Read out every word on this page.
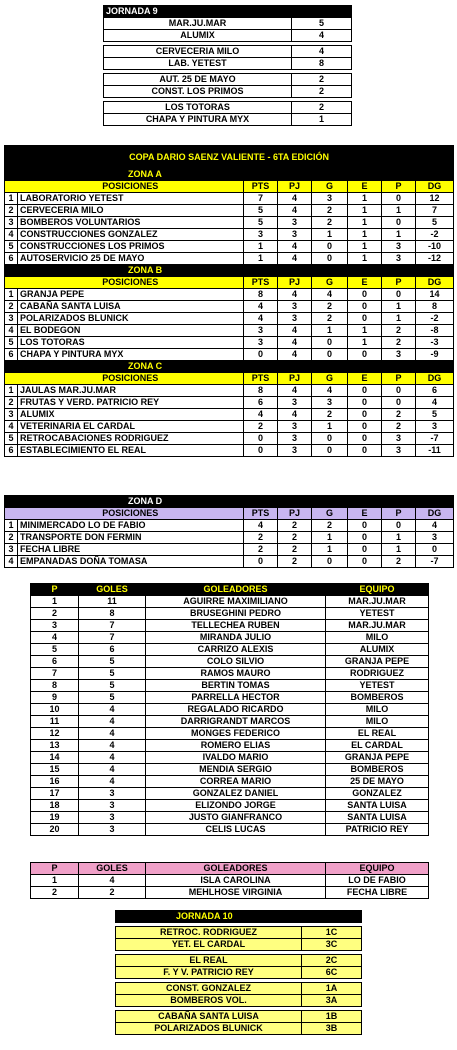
JORNADA 9	
MAR.JU.MAR	5
ALUMIX	4

CERVECERIA MILO	4
LAB. YETEST	8

AUT. 25 DE MAYO	2
CONST. LOS PRIMOS	2

LOS TOTORAS	2
CHAPA Y PINTURA MYX	1
COPA DARIO SAENZ VALIENTE - 6TA EDICIÓN							
	ZONA A						
	POSICIONES	PTS	PJ	G	E	P	DG
1	LABORATORIO YETEST	7	4	3	1	0	12
2	CERVECERIA MILO	5	4	2	1	1	7
3	BOMBEROS VOLUNTARIOS	5	3	2	1	0	5
4	CONSTRUCCIONES GONZALEZ	3	3	1	1	1	-2
5	CONSTRUCCIONES LOS PRIMOS	1	4	0	1	3	-10
6	AUTOSERVICIO 25 DE MAYO	1	4	0	1	3	-12
	ZONA B						
	POSICIONES	PTS	PJ	G	E	P	DG
1	GRANJA PEPE	8	4	4	0	0	14
2	CABAÑA SANTA LUISA	4	3	2	0	1	8
3	POLARIZADOS BLUNICK	4	3	2	0	1	-2
4	EL BODEGON	3	4	1	1	2	-8
5	LOS TOTORAS	3	4	0	1	2	-3
6	CHAPA Y PINTURA MYX	0	4	0	0	3	-9
	ZONA C						
	POSICIONES	PTS	PJ	G	E	P	DG
1	JAULAS MAR.JU.MAR	8	4	4	0	0	6
2	FRUTAS Y VERD. PATRICIO REY	6	3	3	0	0	4
3	ALUMIX	4	4	2	0	2	5
4	VETERINARIA EL CARDAL	2	3	1	0	2	3
5	RETROCABACIONES RODRIGUEZ	0	3	0	0	3	-7
6	ESTABLECIMIENTO EL REAL	0	3	0	0	3	-11
	ZONA D						
	POSICIONES	PTS	PJ	G	E	P	DG
1	MINIMERCADO LO DE FABIO	4	2	2	0	0	4
2	TRANSPORTE DON FERMIN	2	2	1	0	1	3
3	FECHA LIBRE	2	2	1	0	1	0
4	EMPANADAS DOÑA TOMASA	0	2	0	0	2	-7
P	GOLES	GOLEADORES	EQUIPO
1	11	AGUIRRE MAXIMILIANO	MAR.JU.MAR
2	8	BRUSEGHINI PEDRO	YETEST
3	7	TELLECHEA RUBEN	MAR.JU.MAR
4	7	MIRANDA JULIO	MILO
5	6	CARRIZO ALEXIS	ALUMIX
6	5	COLO SILVIO	GRANJA PEPE
7	5	RAMOS MAURO	RODRIGUEZ
8	5	BERTIN TOMAS	YETEST
9	5	PARRELLA HECTOR	BOMBEROS
10	4	REGALADO RICARDO	MILO
11	4	DARRIGRANDT MARCOS	MILO
12	4	MONGES FEDERICO	EL REAL
13	4	ROMERO ELIAS	EL CARDAL
14	4	IVALDO MARIO	GRANJA PEPE
15	4	MENDIA SERGIO	BOMBEROS
16	4	CORREA MARIO	25 DE MAYO
17	3	GONZALEZ DANIEL	GONZALEZ
18	3	ELIZONDO JORGE	SANTA LUISA
19	3	JUSTO GIANFRANCO	SANTA LUISA
20	3	CELIS LUCAS	PATRICIO REY
P	GOLES	GOLEADORES	EQUIPO
1	4	ISLA CAROLINA	LO DE FABIO
2	2	MEHLHOSE VIRGINIA	FECHA LIBRE
JORNADA 10	

RETROC. RODRIGUEZ	1C
YET. EL CARDAL	3C

EL REAL	2C
F. Y V. PATRICIO REY	6C

CONST. GONZALEZ	1A
BOMBEROS VOL.	3A

CABAÑA SANTA LUISA	1B
POLARIZADOS BLUNICK	3B
